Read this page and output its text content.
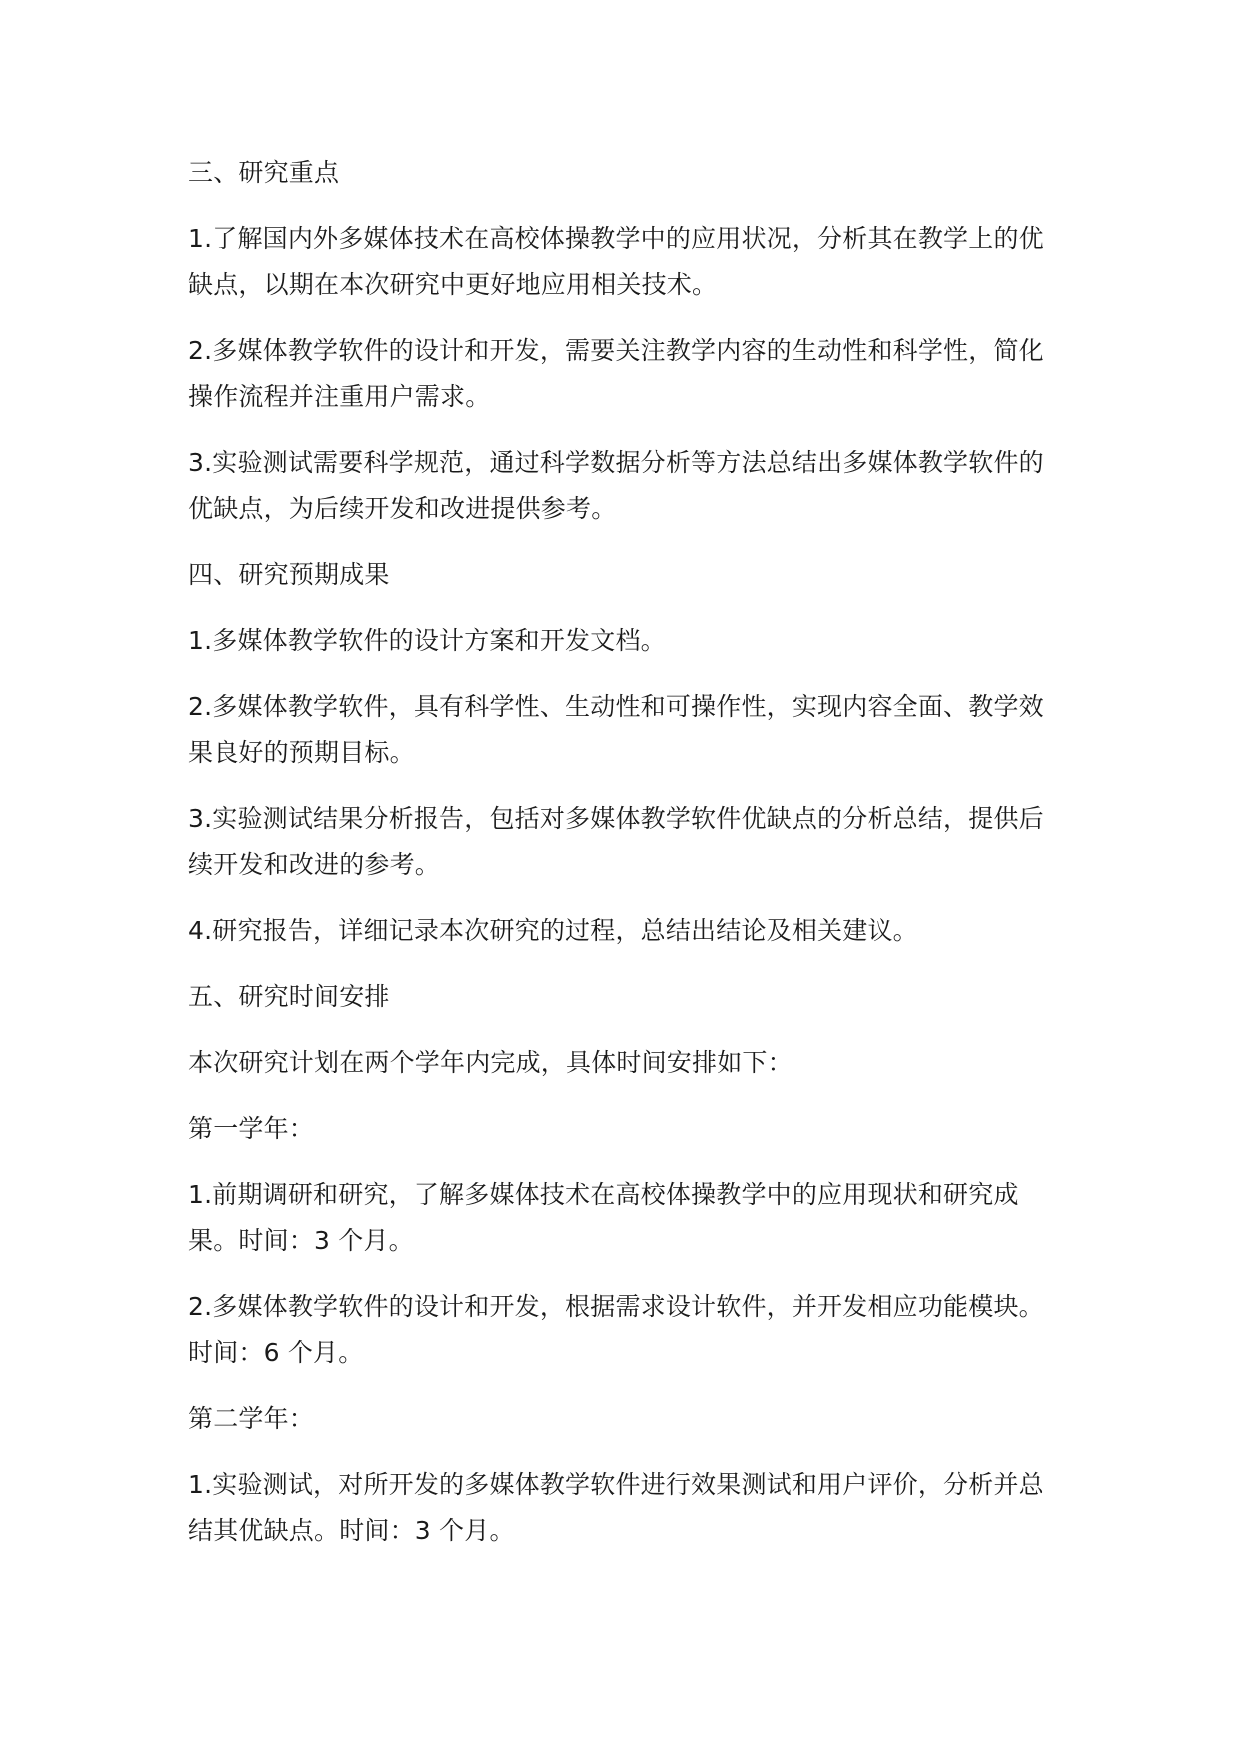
三、研究重点

1.了解国内外多媒体技术在高校体操教学中的应用状况，分析其在教学上的优缺点，以期在本次研究中更好地应用相关技术。

2.多媒体教学软件的设计和开发，需要关注教学内容的生动性和科学性，简化操作流程并注重用户需求。

3.实验测试需要科学规范，通过科学数据分析等方法总结出多媒体教学软件的优缺点，为后续开发和改进提供参考。

四、研究预期成果

1.多媒体教学软件的设计方案和开发文档。

2.多媒体教学软件，具有科学性、生动性和可操作性，实现内容全面、教学效果良好的预期目标。

3.实验测试结果分析报告，包括对多媒体教学软件优缺点的分析总结，提供后续开发和改进的参考。

4.研究报告，详细记录本次研究的过程，总结出结论及相关建议。

五、研究时间安排

本次研究计划在两个学年内完成，具体时间安排如下：

第一学年：

1.前期调研和研究，了解多媒体技术在高校体操教学中的应用现状和研究成果。时间：3 个月。

2.多媒体教学软件的设计和开发，根据需求设计软件，并开发相应功能模块。时间：6 个月。

第二学年：

1.实验测试，对所开发的多媒体教学软件进行效果测试和用户评价，分析并总结其优缺点。时间：3 个月。
